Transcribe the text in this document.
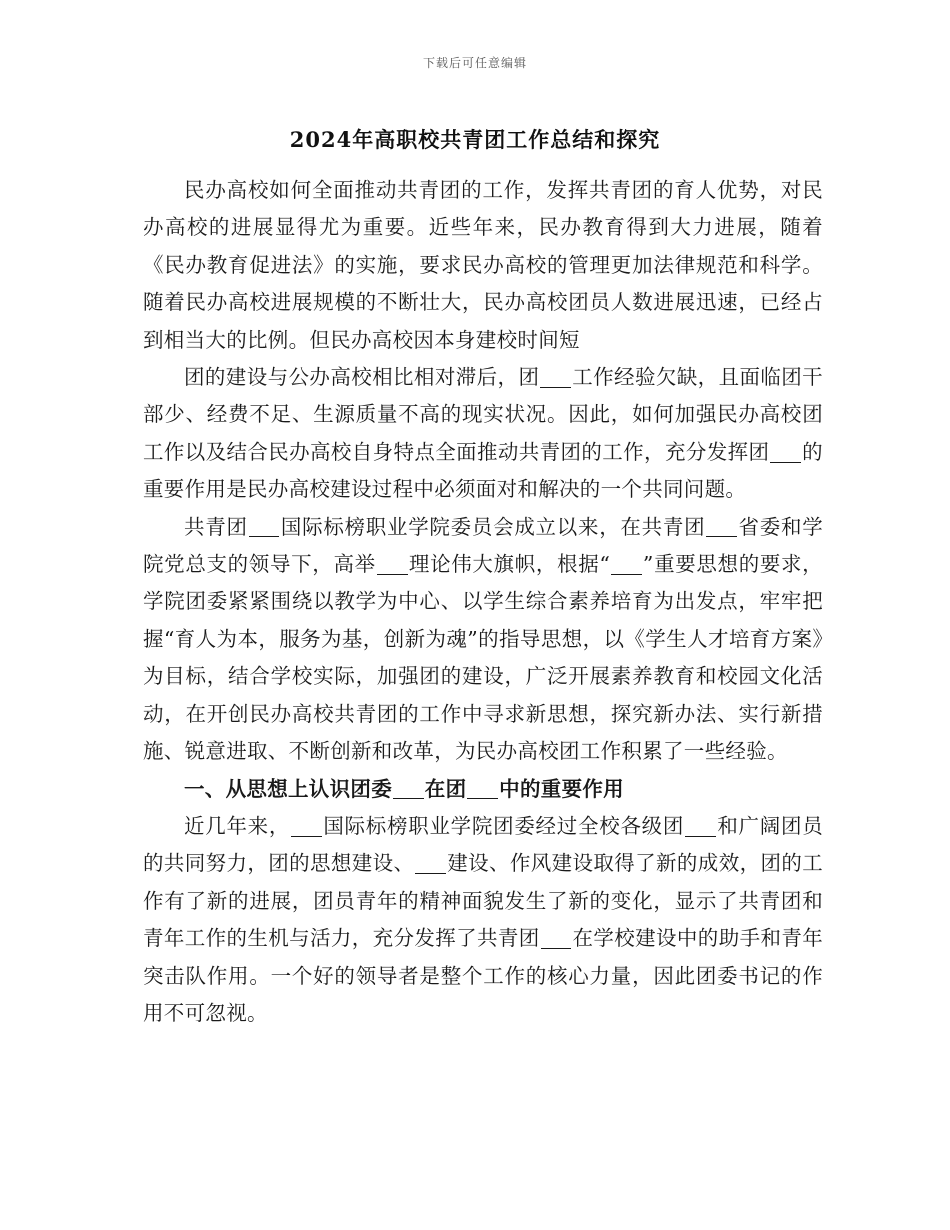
下载后可任意编辑
2024年高职校共青团工作总结和探究

民办高校如何全面推动共青团的工作，发挥共青团的育人优势，对民办高校的进展显得尤为重要。近些年来，民办教育得到大力进展，随着《民办教育促进法》的实施，要求民办高校的管理更加法律规范和科学。随着民办高校进展规模的不断壮大，民办高校团员人数进展迅速，已经占到相当大的比例。但民办高校因本身建校时间短

团的建设与公办高校相比相对滞后，团 工作经验欠缺，且面临团干部少、经费不足、生源质量不高的现实状况。因此，如何加强民办高校团工作以及结合民办高校自身特点全面推动共青团的工作，充分发挥团 的重要作用是民办高校建设过程中必须面对和解决的一个共同问题。

共青团 国际标榜职业学院委员会成立以来，在共青团 省委和学院党总支的领导下，高举 理论伟大旗帜，根据“ ”重要思想的要求，学院团委紧紧围绕以教学为中心、以学生综合素养培育为出发点，牢牢把握“育人为本，服务为基，创新为魂”的指导思想，以《学生人才培育方案》为目标，结合学校实际，加强团的建设，广泛开展素养教育和校园文化活动，在开创民办高校共青团的工作中寻求新思想，探究新办法、实行新措施、锐意进取、不断创新和改革，为民办高校团工作积累了一些经验。

一、从思想上认识团委 在团 中的重要作用

近几年来， 国际标榜职业学院团委经过全校各级团 和广阔团员的共同努力，团的思想建设、 建设、作风建设取得了新的成效，团的工作有了新的进展，团员青年的精神面貌发生了新的变化，显示了共青团和青年工作的生机与活力，充分发挥了共青团 在学校建设中的助手和青年突击队作用。一个好的领导者是整个工作的核心力量，因此团委书记的作用不可忽视。
